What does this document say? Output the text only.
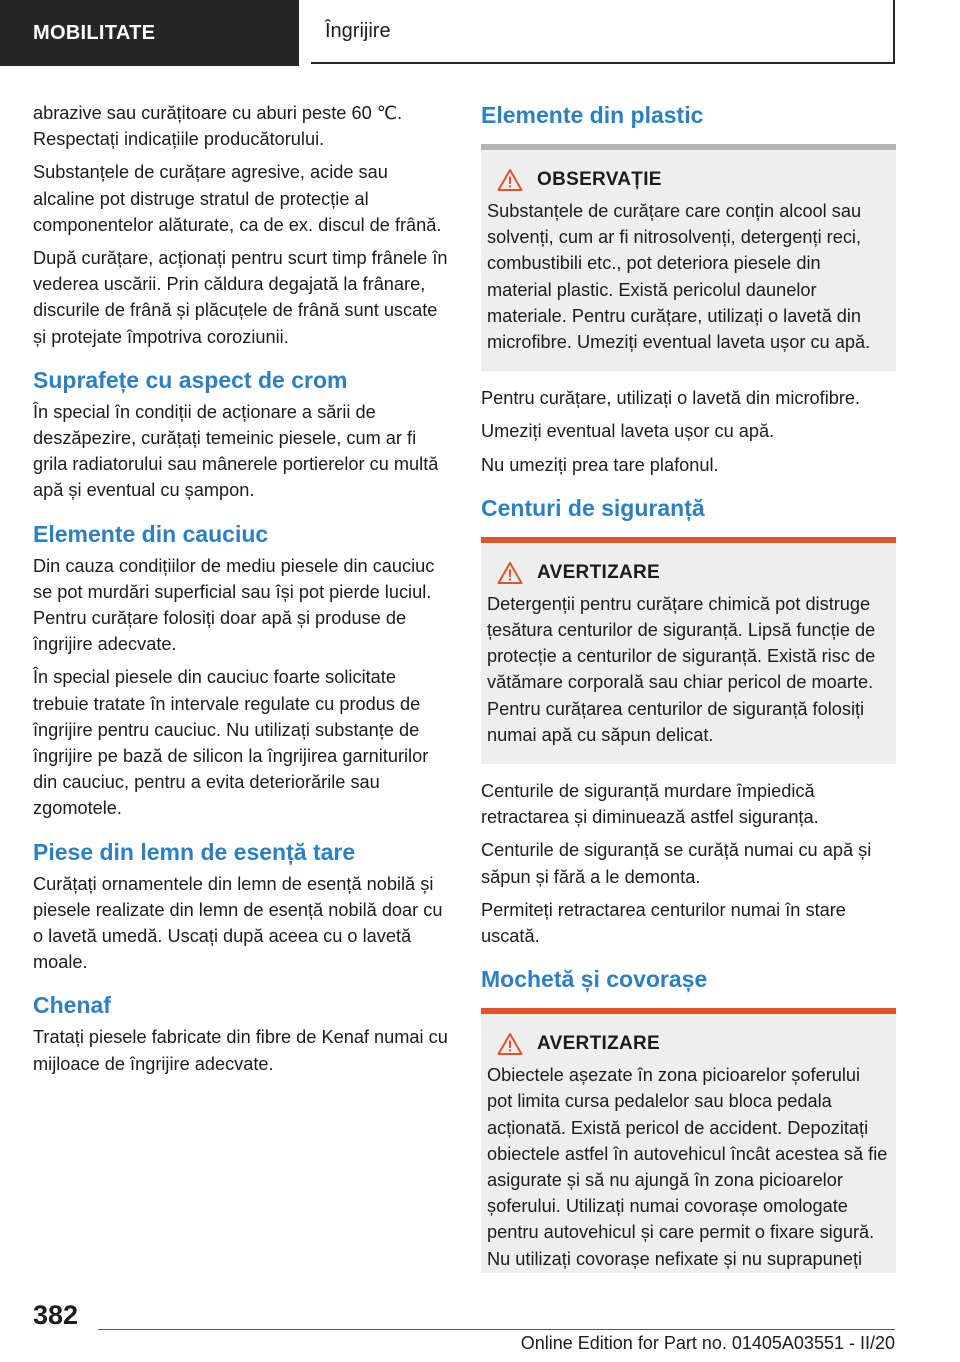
MOBILITATE	Îngrijire

abrazive sau curățitoare cu aburi peste 60 ℃. Respectați indicațiile producătorului.

Substanțele de curățare agresive, acide sau alcaline pot distruge stratul de protecție al componentelor alăturate, ca de ex. discul de frână.

După curățare, acționați pentru scurt timp frânele în vederea uscării. Prin căldura degajată la frânare, discurile de frână și plăcuțele de frână sunt uscate și protejate împotriva coroziunii.

Suprafețe cu aspect de crom

În special în condiții de acționare a sării de deszăpezire, curățați temeinic piesele, cum ar fi grila radiatorului sau mânerele portierelor cu multă apă și eventual cu șampon.

Elemente din cauciuc

Din cauza condițiilor de mediu piesele din cauciuc se pot murdări superficial sau își pot pierde luciul. Pentru curățare folosiți doar apă și produse de îngrijire adecvate.

În special piesele din cauciuc foarte solicitate trebuie tratate în intervale regulate cu produs de îngrijire pentru cauciuc. Nu utilizați substanțe de îngrijire pe bază de silicon la îngrijirea garniturilor din cauciuc, pentru a evita deteriorările sau zgomotele.

Piese din lemn de esență tare

Curățați ornamentele din lemn de esență nobilă și piesele realizate din lemn de esență nobilă doar cu o lavetă umedă. Uscați după aceea cu o lavetă moale.

Chenaf

Tratați piesele fabricate din fibre de Kenaf numai cu mijloace de îngrijire adecvate.

Elemente din plastic
OBSERVAȚIE

Substanțele de curățare care conțin alcool sau solvenți, cum ar fi nitrosolvenți, detergenți reci, combustibili etc., pot deteriora piesele din material plastic. Există pericolul daunelor materiale. Pentru curățare, utilizați o lavetă din microfibre. Umeziți eventual laveta ușor cu apă.

Pentru curățare, utilizați o lavetă din microfibre.

Umeziți eventual laveta ușor cu apă.

Nu umeziți prea tare plafonul.

Centuri de siguranță
AVERTIZARE

Detergenții pentru curățare chimică pot distruge țesătura centurilor de siguranță. Lipsă funcție de protecție a centurilor de siguranță. Există risc de vătămare corporală sau chiar pericol de moarte. Pentru curățarea centurilor de siguranță folosiți numai apă cu săpun delicat.

Centurile de siguranță murdare împiedică retractarea și diminuează astfel siguranța.

Centurile de siguranță se curăță numai cu apă și săpun și fără a le demonta.

Permiteți retractarea centurilor numai în stare uscată.

Mochetă și covorașe
AVERTIZARE

Obiectele așezate în zona picioarelor șoferului pot limita cursa pedalelor sau bloca pedala acționată. Există pericol de accident. Depozitați obiectele astfel în autovehicul încât acestea să fie asigurate și să nu ajungă în zona picioarelor șoferului. Utilizați numai covorașe omologate pentru autovehicul și care permit o fixare sigură. Nu utilizați covorașe nefixate și nu suprapuneți

382
Online Edition for Part no. 01405A03551 - II/20
